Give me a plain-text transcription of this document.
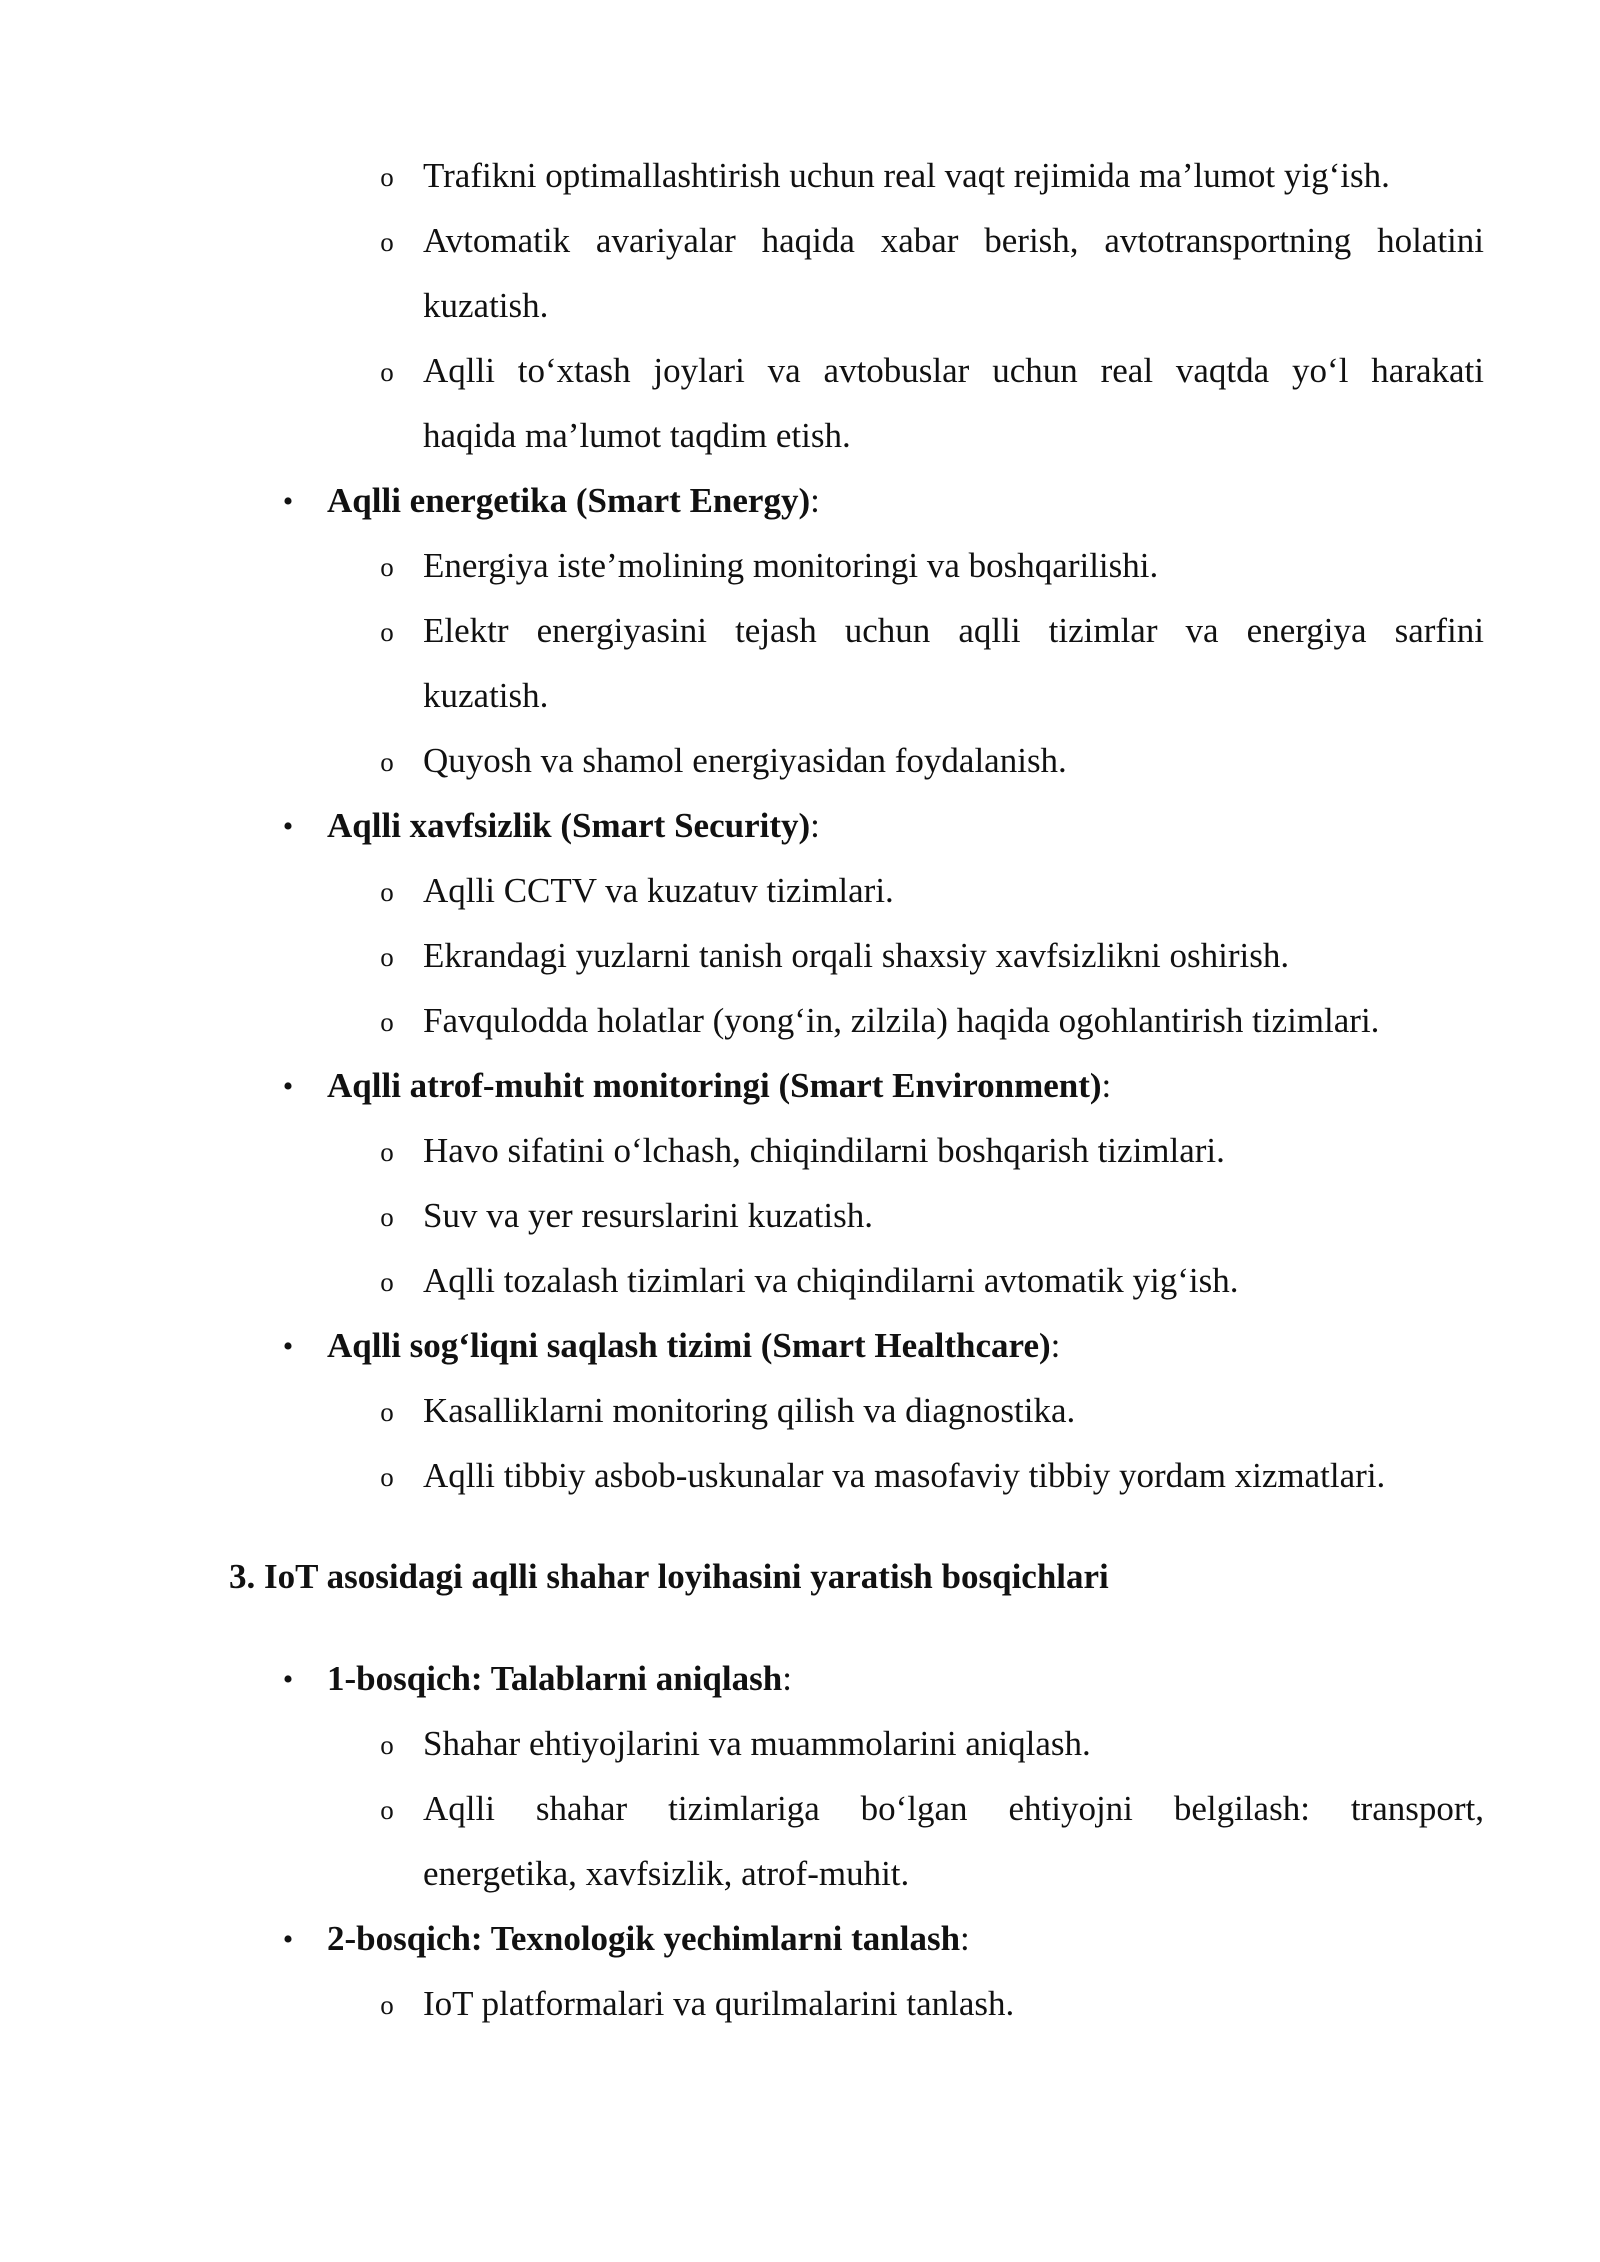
o Trafikni optimallashtirish uchun real vaqt rejimida ma’lumot yig‘ish.
o Avtomatik avariyalar haqida xabar berish, avtotransportning holatini
kuzatish.
o Aqlli to‘xtash joylari va avtobuslar uchun real vaqtda yo‘l harakati
haqida ma’lumot taqdim etish.
• Aqlli energetika (Smart Energy):
o Energiya iste’molining monitoringi va boshqarilishi.
o Elektr energiyasini tejash uchun aqlli tizimlar va energiya sarfini
kuzatish.
o Quyosh va shamol energiyasidan foydalanish.
• Aqlli xavfsizlik (Smart Security):
o Aqlli CCTV va kuzatuv tizimlari.
o Ekrandagi yuzlarni tanish orqali shaxsiy xavfsizlikni oshirish.
o Favqulodda holatlar (yong‘in, zilzila) haqida ogohlantirish tizimlari.
• Aqlli atrof-muhit monitoringi (Smart Environment):
o Havo sifatini o‘lchash, chiqindilarni boshqarish tizimlari.
o Suv va yer resurslarini kuzatish.
o Aqlli tozalash tizimlari va chiqindilarni avtomatik yig‘ish.
• Aqlli sog‘liqni saqlash tizimi (Smart Healthcare):
o Kasalliklarni monitoring qilish va diagnostika.
o Aqlli tibbiy asbob-uskunalar va masofaviy tibbiy yordam xizmatlari.
3. IoT asosidagi aqlli shahar loyihasini yaratish bosqichlari
• 1-bosqich: Talablarni aniqlash:
o Shahar ehtiyojlarini va muammolarini aniqlash.
o Aqlli shahar tizimlariga bo‘lgan ehtiyojni belgilash: transport,
energetika, xavfsizlik, atrof-muhit.
• 2-bosqich: Texnologik yechimlarni tanlash:
o IoT platformalari va qurilmalarini tanlash.
